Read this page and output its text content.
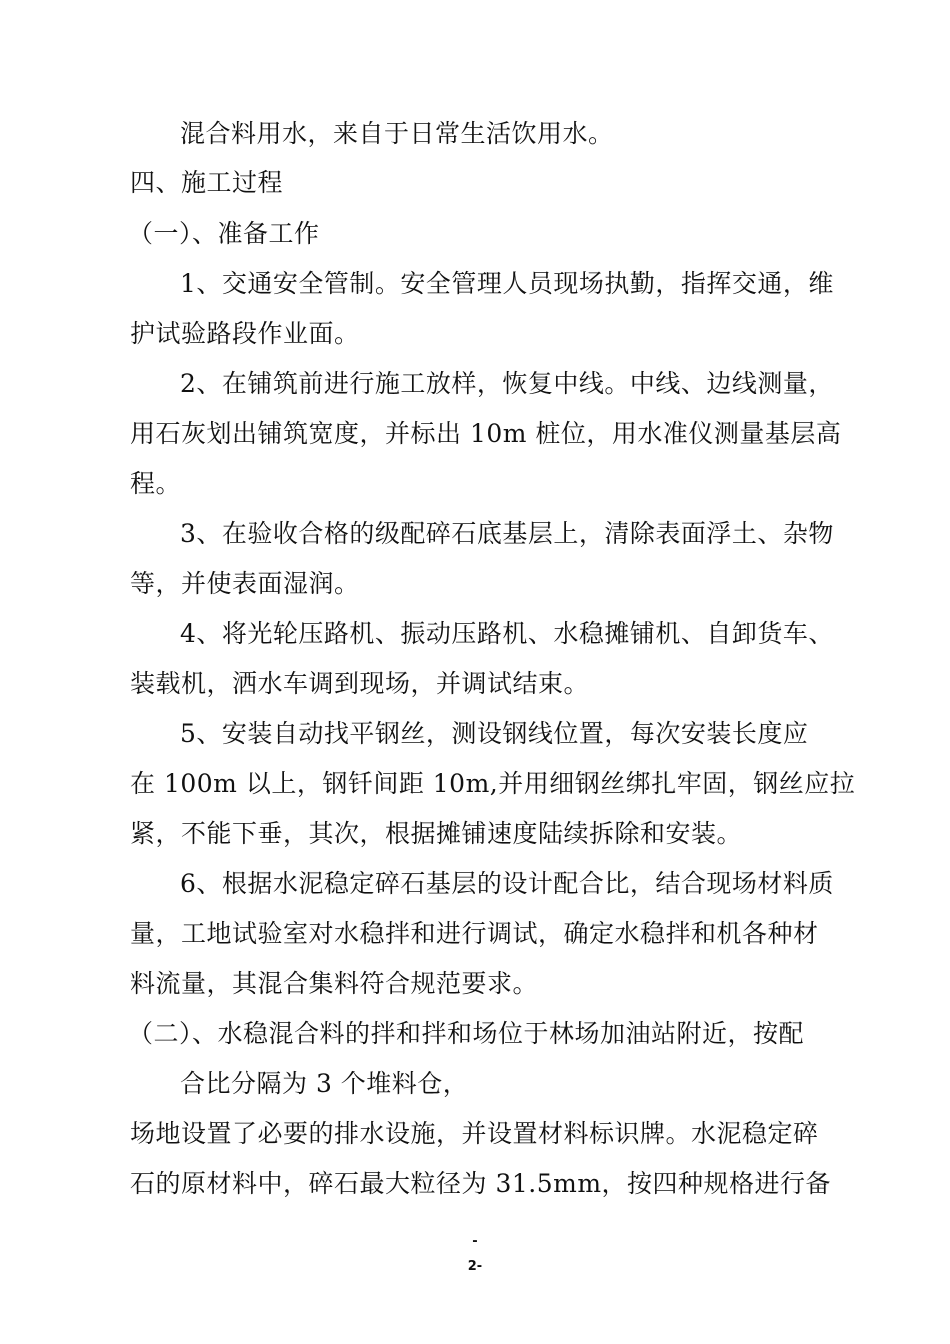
混合料用水，来自于日常生活饮用水。
四、施工过程
（一）、准备工作
1、交通安全管制。安全管理人员现场执勤，指挥交通，维
护试验路段作业面。
2、在铺筑前进行施工放样，恢复中线。中线、边线测量，
用石灰划出铺筑宽度，并标出 10m 桩位，用水准仪测量基层高
程。
3、在验收合格的级配碎石底基层上，清除表面浮土、杂物
等，并使表面湿润。
4、将光轮压路机、振动压路机、水稳摊铺机、自卸货车、
装载机，洒水车调到现场，并调试结束。
5、安装自动找平钢丝，测设钢线位置，每次安装长度应
在 100m 以上，钢钎间距 10m,并用细钢丝绑扎牢固，钢丝应拉
紧，不能下垂，其次，根据摊铺速度陆续拆除和安装。
6、根据水泥稳定碎石基层的设计配合比，结合现场材料质
量，工地试验室对水稳拌和进行调试，确定水稳拌和机各种材
料流量，其混合集料符合规范要求。
（二）、水稳混合料的拌和拌和场位于林场加油站附近，按配
合比分隔为 3 个堆料仓，
场地设置了必要的排水设施，并设置材料标识牌。水泥稳定碎
石的原材料中，碎石最大粒径为 31.5mm，按四种规格进行备
-
2-
